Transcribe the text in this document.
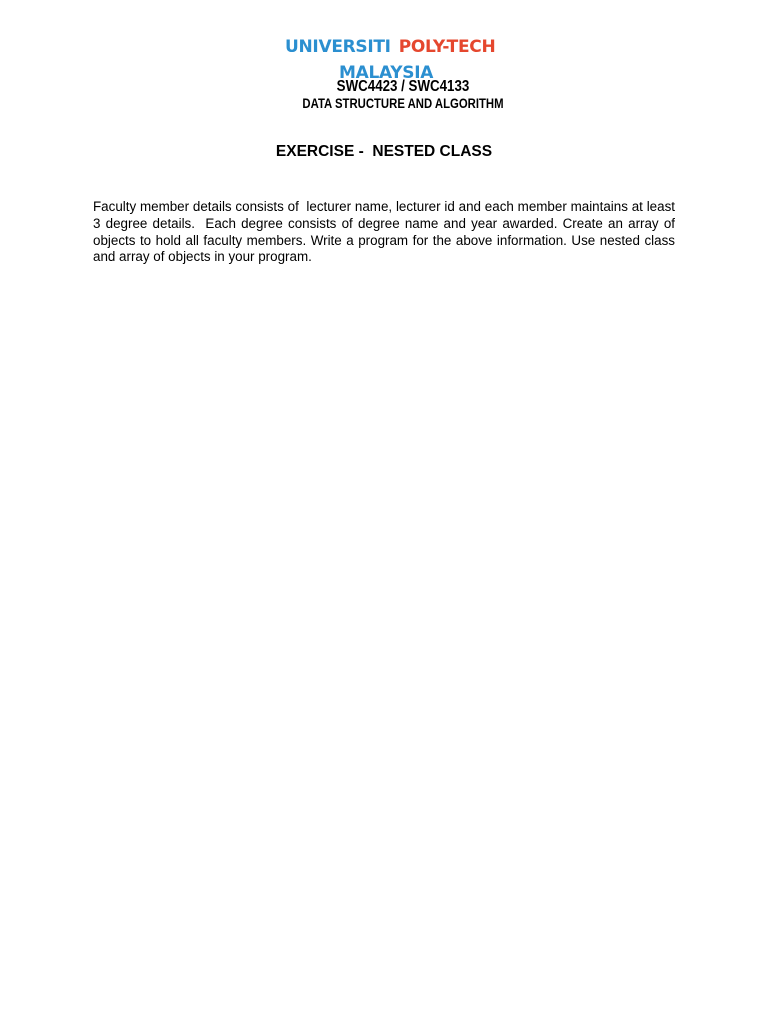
UNIVERSITI POLY-TECH
MALAYSIA
SWC4423 / SWC4133
DATA STRUCTURE AND ALGORITHM
EXERCISE -  NESTED CLASS
Faculty member details consists of  lecturer name, lecturer id and each member maintains at least 3 degree details.  Each degree consists of degree name and year awarded. Create an array of objects to hold all faculty members. Write a program for the above information. Use nested class and array of objects in your program.
